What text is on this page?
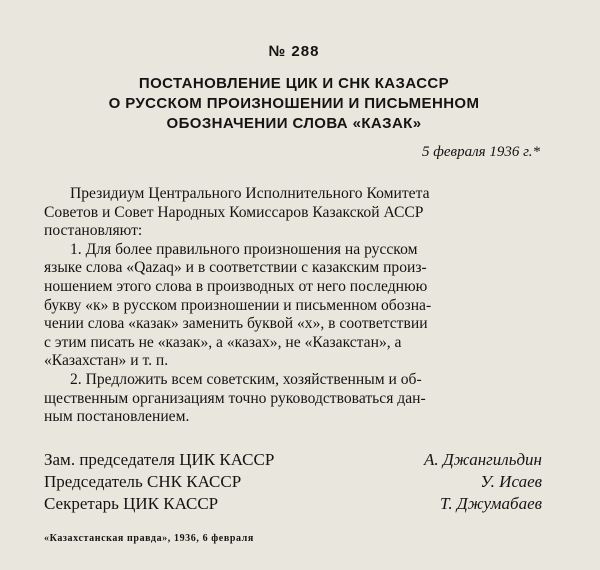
№ 288
ПОСТАНОВЛЕНИЕ ЦИК И СНК КАЗАССР
О РУССКОМ ПРОИЗНОШЕНИИ И ПИСЬМЕННОМ
ОБОЗНАЧЕНИИ СЛОВА «КАЗАК»
5 февраля 1936 г.*
Президиум Центрального Исполнительного Комитета
Советов и Совет Народных Комиссаров Казакской АССР
постановляют:
1. Для более правильного произношения на русском
языке слова «Qazaq» и в соответствии с казакским произ-
ношением этого слова в производных от него последнюю
букву «к» в русском произношении и письменном обозна-
чении слова «казак» заменить буквой «х», в соответствии
с этим писать не «казак», а «казах», не «Казакстан», а
«Казахстан» и т. п.
2. Предложить всем советским, хозяйственным и об-
щественным организациям точно руководствоваться дан-
ным постановлением.
Зам. председателя ЦИК КАССР	А. Джангильдин
Председатель СНК КАССР	У. Исаев
Секретарь ЦИК КАССР	Т. Джумабаев
«Казахстанская правда», 1936, 6 февраля
